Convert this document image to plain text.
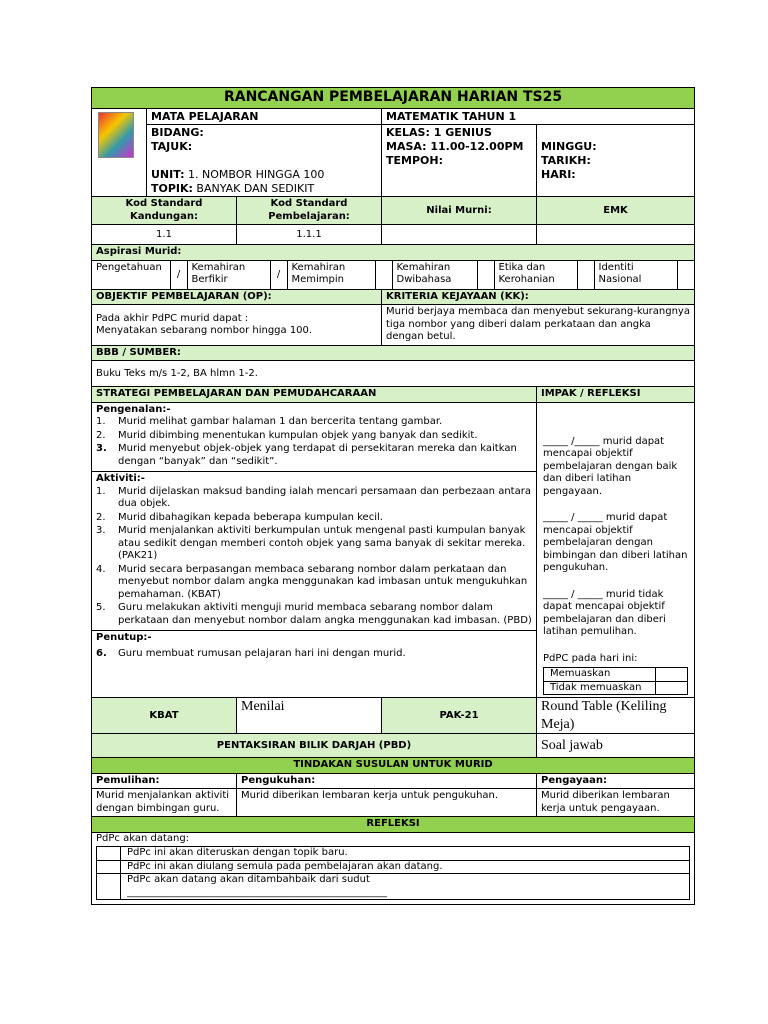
RANCANGAN PEMBELAJARAN HARIAN TS25

	MATA PELAJARAN	MATEMATIK TAHUN 1

BIDANG:
TAJUK:
UNIT: 1. NOMBOR HINGGA 100
TOPIK: BANYAK DAN SEDIKIT

KELAS: 1 GENIUS
MASA: 11.00-12.00PM
TEMPOH:

MINGGU:
TARIKH:
HARI:

Kod Standard Kandungan:	Kod Standard Pembelajaran:	Nilai Murni:	EMK
1.1	1.1.1		
Aspirasi Murid:

Pengetahuan	/	Kemahiran Berfikir	/	Kemahiran Memimpin		Kemahiran Dwibahasa		Etika dan Kerohanian		Identiti Nasional	

OBJEKTIF PEMBELAJARAN (OP):	KRITERIA KEJAYAAN (KK):

Pada akhir PdPC murid dapat :
Menyatakan sebarang nombor hingga 100.
	Murid berjaya membaca dan menyebut sekurang-kurangnya tiga nombor yang diberi dalam perkataan dan angka dengan betul.
BBB / SUMBER:
Buku Teks m/s 1-2, BA hlmn 1-2.
STRATEGI PEMBELAJARAN DAN PEMUDAHCARAAN	IMPAK / REFLEKSI

Pengenalan:-
1.	Murid melihat gambar halaman 1 dan bercerita tentang gambar.
2.	Murid dibimbing menentukan kumpulan objek yang banyak dan sedikit.
3.	Murid menyebut objek-objek yang terdapat di persekitaran mereka dan kaitkan dengan “banyak” dan “sedikit”.
Aktiviti:-
1.	Murid dijelaskan maksud banding ialah mencari persamaan dan perbezaan antara dua objek.
2.	Murid dibahagikan kepada beberapa kumpulan kecil.
3.	Murid menjalankan aktiviti berkumpulan untuk mengenal pasti kumpulan banyak atau sedikit dengan memberi contoh objek yang sama banyak di sekitar mereka. (PAK21)
4.	Murid secara berpasangan membaca sebarang nombor dalam perkataan dan menyebut nombor dalam angka menggunakan kad imbasan untuk mengukuhkan pemahaman. (KBAT)
5.	Guru melakukan aktiviti menguji murid membaca sebarang nombor dalam perkataan dan menyebut nombor dalam angka menggunakan kad imbasan. (PBD)
Penutup:-
6.	Guru membuat rumusan pelajaran hari ini dengan murid.

_____ /_____ murid dapat mencapai objektif pembelajaran dengan baik dan diberi latihan pengayaan.
_____ / _____ murid dapat mencapai objektif pembelajaran dengan bimbingan dan diberi latihan pengukuhan.
_____ / _____ murid tidak dapat mencapai objektif pembelajaran dan diberi latihan pemulihan.
PdPC pada hari ini:
Memuaskan	
Tidak memuaskan	

KBAT	Menilai	PAK-21	Round Table (Keliling Meja)
PENTAKSIRAN BILIK DARJAH (PBD)	Soal jawab
TINDAKAN SUSULAN UNTUK MURID
Pemulihan:	Pengukuhan:	Pengayaan:
Murid menjalankan aktiviti dengan bimbingan guru.	Murid diberikan lembaran kerja untuk pengukuhan.	Murid diberikan lembaran kerja untuk pengayaan.
REFLEKSI

PdPc akan datang:
	PdPc ini akan diteruskan dengan topik baru.
	PdPc ini akan diulang semula pada pembelajaran akan datang.

PdPc akan datang akan ditambahbaik dari sudut
____________________________________________________
